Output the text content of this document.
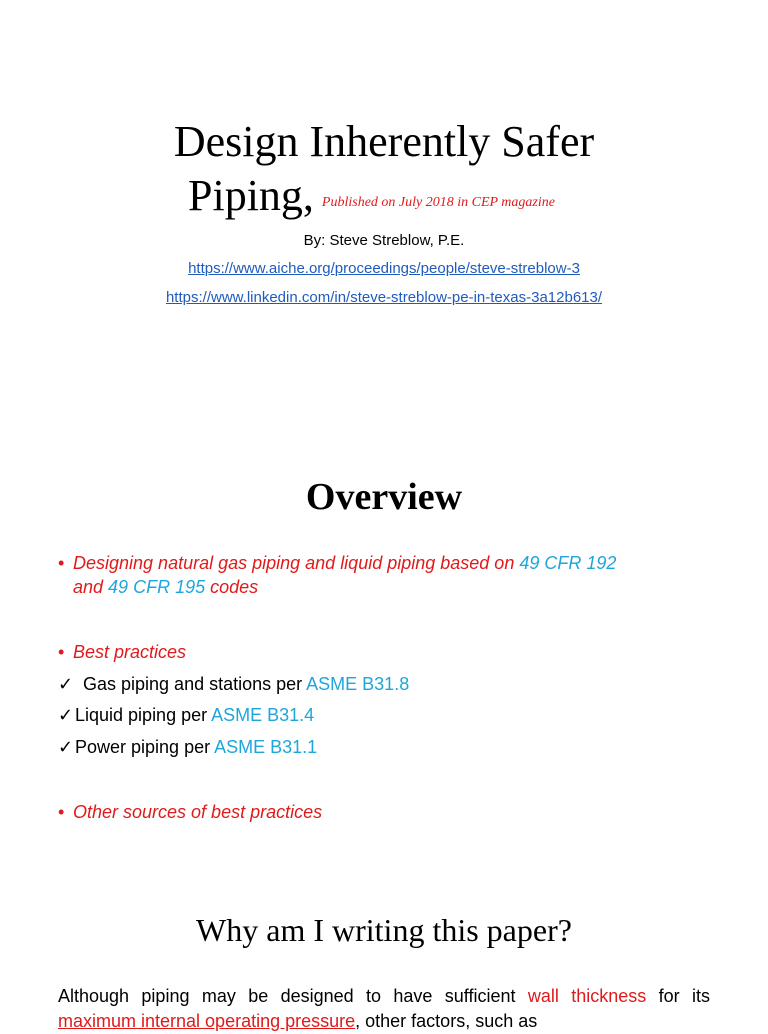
Design Inherently Safer
Piping, Published on July 2018 in CEP magazine
By: Steve Streblow, P.E.
https://www.aiche.org/proceedings/people/steve-streblow-3
https://www.linkedin.com/in/steve-streblow-pe-in-texas-3a12b613/
Overview
• Designing natural gas piping and liquid piping based on 49 CFR 192
and 49 CFR 195 codes
• Best practices
✓ Gas piping and stations per ASME B31.8
✓ Liquid piping per ASME B31.4
✓ Power piping per ASME B31.1
• Other sources of best practices
Why am I writing this paper?
Although piping may be designed to have sufficient wall thickness for its maximum internal operating pressure, other factors, such as
